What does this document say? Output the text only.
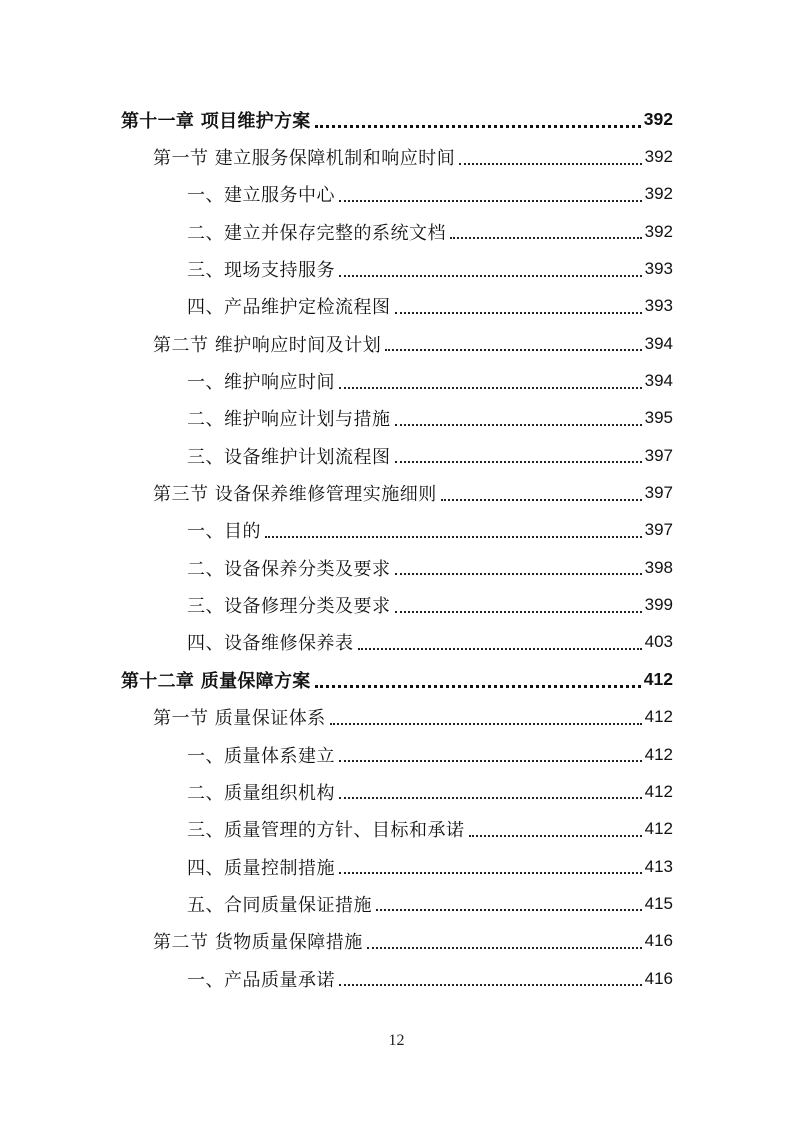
第十一章 项目维护方案	392
第一节 建立服务保障机制和响应时间	392
一、建立服务中心	392
二、建立并保存完整的系统文档	392
三、现场支持服务	393
四、产品维护定检流程图	393
第二节 维护响应时间及计划	394
一、维护响应时间	394
二、维护响应计划与措施	395
三、设备维护计划流程图	397
第三节 设备保养维修管理实施细则	397
一、目的	397
二、设备保养分类及要求	398
三、设备修理分类及要求	399
四、设备维修保养表	403
第十二章 质量保障方案	412
第一节 质量保证体系	412
一、质量体系建立	412
二、质量组织机构	412
三、质量管理的方针、目标和承诺	412
四、质量控制措施	413
五、合同质量保证措施	415
第二节 货物质量保障措施	416
一、产品质量承诺	416
12
